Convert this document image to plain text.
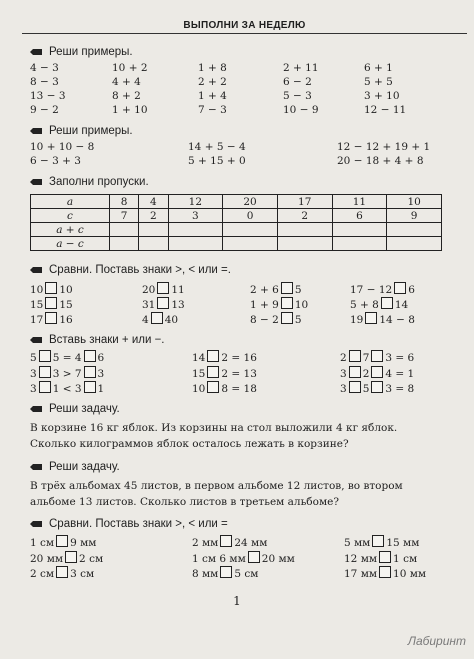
ВЫПОЛНИ ЗА НЕДЕЛЮ
Реши примеры.
4 − 3	10 + 2	1 + 8	2 + 11	6 + 1
8 − 3	4 + 4	2 + 2	6 − 2	5 + 5
13 − 3	8 + 2	1 + 4	5 − 3	3 + 10
9 − 2	1 + 10	7 − 3	10 − 9	12 − 11
Реши примеры.
10 + 10 − 8	14 + 5 − 4	12 − 12 + 19 + 1
6 − 3 + 3	5 + 15 + 0	20 − 18 + 4 + 8
Заполни пропуски.
a	8	4	12	20	17	11	10
c	7	2	3	0	2	6	9
a + c							
a − c							
Сравни. Поставь знаки >, < или =.
10 10	20 11	2 + 6 5	17 − 12 6
15 15	31 13	1 + 9 10	5 + 8 14
17 16	4 40	8 − 2 5	19 14 − 8
Вставь знаки + или −.
5 5 = 4 6	14 2 = 16	2 7 3 = 6
3 3 > 7 3	15 2 = 13	3 2 4 = 1
3 1 < 3 1	10 8 = 18	3 5 3 = 8
Реши задачу.
В корзине 16 кг яблок. Из корзины на стол выложили 4 кг яблок. Сколько килограммов яблок осталось лежать в корзине?
Реши задачу.
В трёх альбомах 45 листов, в первом альбоме 12 листов, во втором альбоме 13 листов. Сколько листов в третьем альбоме?
Сравни. Поставь знаки >, < или =
1 см 9 мм	2 мм 24 мм	5 мм 15 мм
20 мм 2 см	1 см 6 мм 20 мм	12 мм 1 см
2 см 3 см	8 мм 5 см	17 мм 10 мм
1
Лабиринт
